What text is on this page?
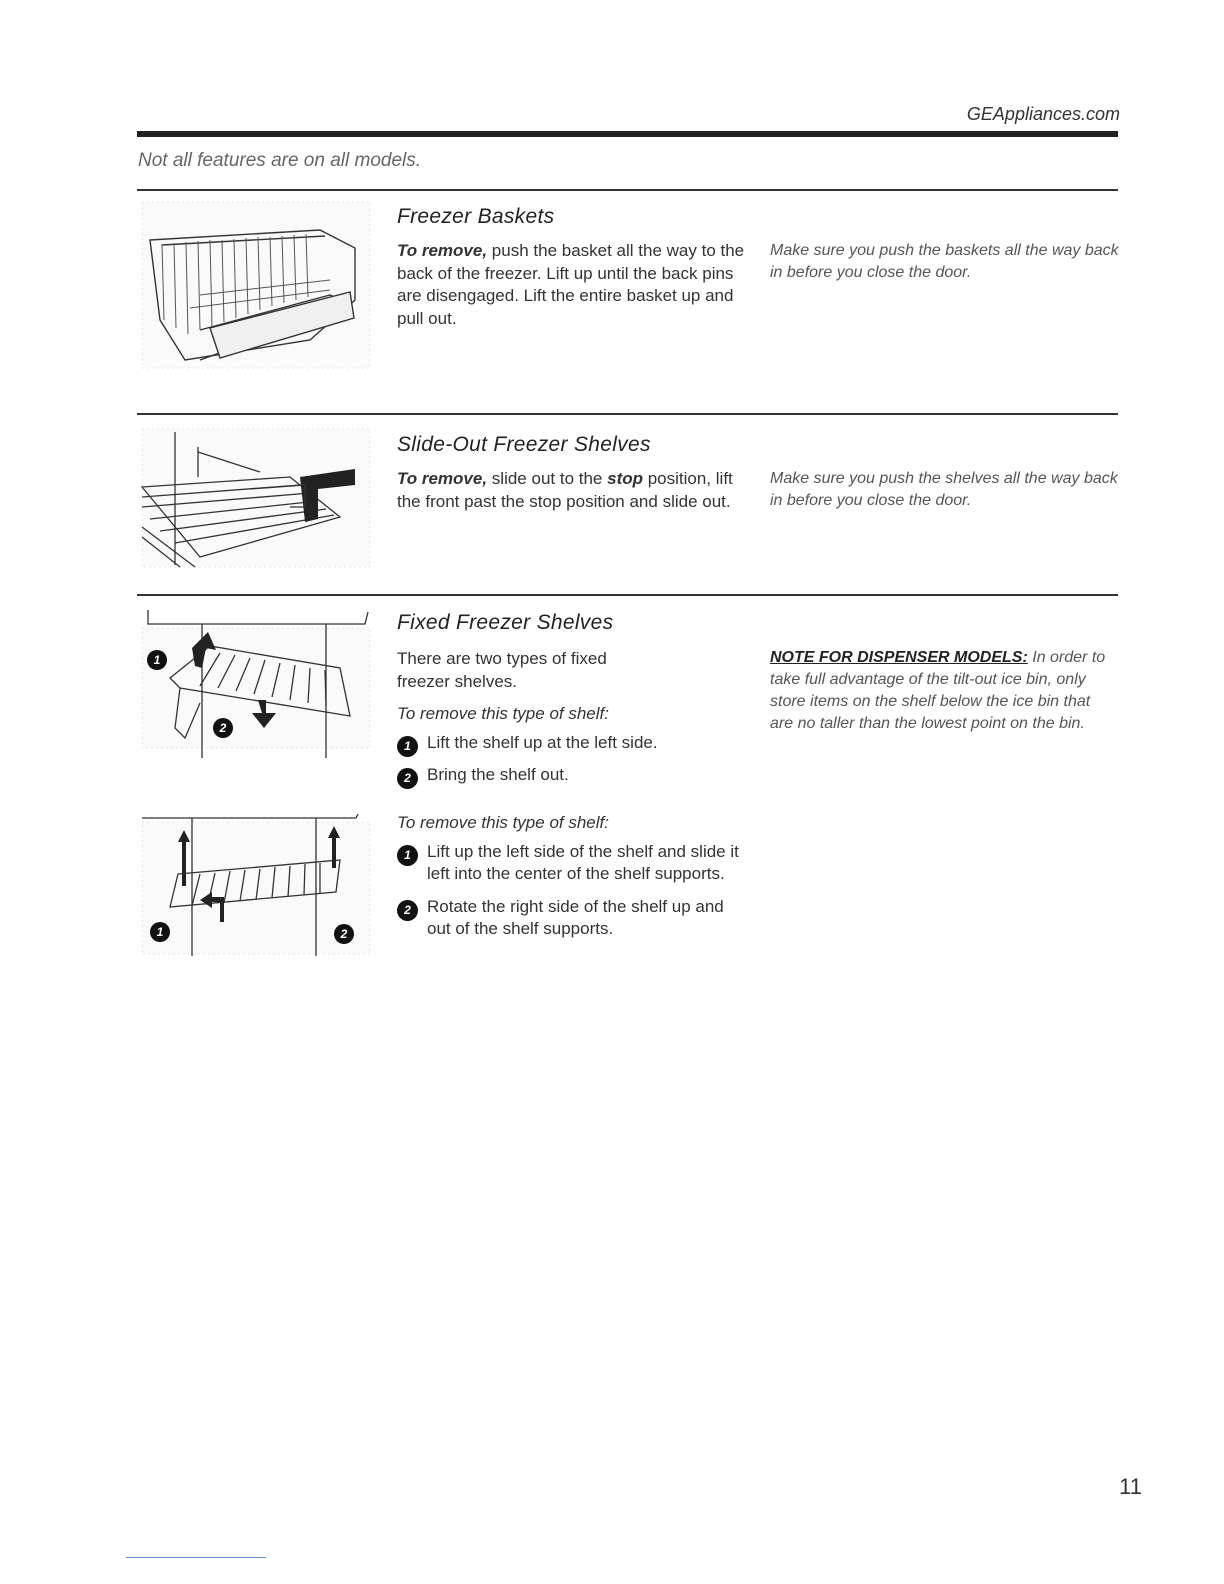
GEAppliances.com
Not all features are on all models.
Freezer Baskets
To remove, push the basket all the way to the back of the freezer. Lift up until the back pins are disengaged. Lift the entire basket up and pull out.
Make sure you push the baskets all the way back in before you close the door.
Slide-Out Freezer Shelves
To remove, slide out to the stop position, lift the front past the stop position and slide out.
Make sure you push the shelves all the way back in before you close the door.
1
2
1	2
Fixed Freezer Shelves
There are two types of fixed freezer shelves.
To remove this type of shelf:
1 Lift the shelf up at the left side.
2 Bring the shelf out.
To remove this type of shelf:
1 Lift up the left side of the shelf and slide it left into the center of the shelf supports.
2 Rotate the right side of the shelf up and out of the shelf supports.
NOTE FOR DISPENSER MODELS: In order to take full advantage of the tilt-out ice bin, only store items on the shelf below the ice bin that are no taller than the lowest point on the bin.
11
